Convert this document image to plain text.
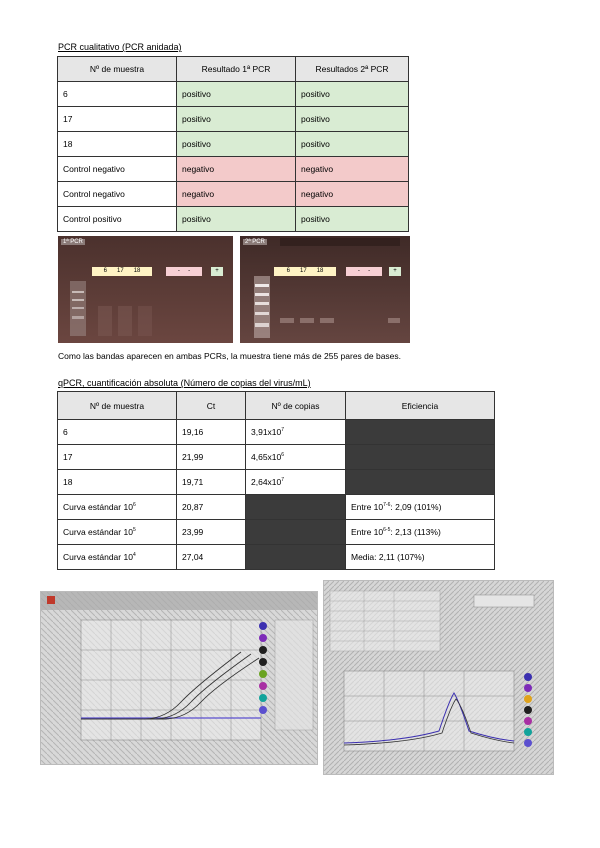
PCR cualitativo (PCR anidada)
Nº de muestra	Resultado 1ª PCR	Resultados 2ª PCR
6	positivo	positivo
17	positivo	positivo
18	positivo	positivo
Control negativo	negativo	negativo
Control negativo	negativo	negativo
Control positivo	positivo	positivo
1ª PCR
6 17 18	- -	+
2ª PCR
6 17 18	- -	+
Como las bandas aparecen en ambas PCRs, la muestra tiene más de 255 pares de bases.
qPCR, cuantificación absoluta (Número de copias del virus/mL)
Nº de muestra	Ct	Nº de copias	Eficiencia
6	19,16	$3,91x10^7$	
17	21,99	$4,65x10^6$	
18	19,71	$2,64x10^7$	
Curva estándar $10^6$	20,87		Entre 10$^{7-6}$: 2,09 (101%)
Curva estándar $10^5$	23,99		Entre 10$^{6-5}$: 2,13 (113%)
Curva estándar $10^4$	27,04		Media: 2,11 (107%)
